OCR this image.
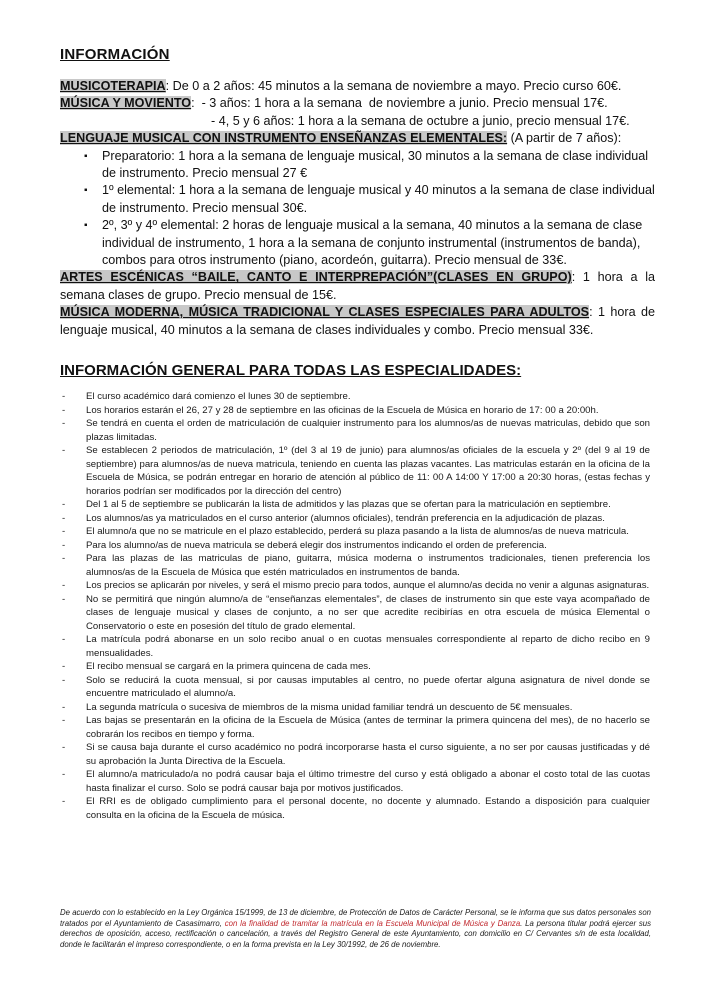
INFORMACIÓN

MUSICOTERAPIA: De 0 a 2 años: 45 minutos a la semana de noviembre a mayo. Precio curso 60€.

MÚSICA Y MOVIENTO:  - 3 años: 1 hora a la semana  de noviembre a junio. Precio mensual 17€.

- 4, 5 y 6 años: 1 hora a la semana de octubre a junio, precio mensual 17€.

LENGUAJE MUSICAL CON INSTRUMENTO ENSEÑANZAS ELEMENTALES: (A partir de 7 años):

▪ Preparatorio: 1 hora a la semana de lenguaje musical, 30 minutos a la semana de clase individual de instrumento. Precio mensual 27 €
▪ 1º elemental: 1 hora a la semana de lenguaje musical y 40 minutos a la semana de clase individual de instrumento. Precio mensual 30€.
▪ 2º, 3º y 4º elemental: 2 horas de lenguaje musical a la semana, 40 minutos a la semana de clase individual de instrumento, 1 hora a la semana de conjunto instrumental (instrumentos de banda), combos para otros instrumento (piano, acordeón, guitarra). Precio mensual de 33€.

ARTES ESCÉNICAS “BAILE, CANTO E INTERPREPACIÓN”(CLASES EN GRUPO): 1 hora a la semana clases de grupo. Precio mensual de 15€.

MÚSICA MODERNA, MÚSICA TRADICIONAL Y CLASES ESPECIALES PARA ADULTOS: 1 hora de lenguaje musical, 40 minutos a la semana de clases individuales y combo. Precio mensual 33€.

INFORMACIÓN GENERAL PARA TODAS LAS ESPECIALIDADES:
- El curso académico dará comienzo el lunes 30 de septiembre.
- Los horarios estarán el 26, 27 y 28 de septiembre en las oficinas de la Escuela de Música en horario de 17: 00 a 20:00h.
- Se tendrá en cuenta el orden de matriculación de cualquier instrumento para los alumnos/as de nuevas matriculas, debido que son plazas limitadas.
- Se establecen 2 periodos de matriculación, 1º (del 3 al 19 de junio) para alumnos/as oficiales de la escuela y 2º (del 9 al 19 de septiembre) para alumnos/as de nueva matricula, teniendo en cuenta las plazas vacantes. Las matriculas estarán en la oficina de la Escuela de Música, se podrán entregar en horario de atención al público de 11: 00 A 14:00 Y 17:00 a 20:30 horas, (estas fechas y horarios podrían ser modificados por la dirección del centro)
- Del 1 al 5 de septiembre se publicarán la lista de admitidos y las plazas que se ofertan para la matriculación en septiembre.
- Los alumnos/as ya matriculados en el curso anterior (alumnos oficiales), tendrán preferencia en la adjudicación de plazas.
- El alumno/a que no se matricule en el plazo establecido, perderá su plaza pasando a la lista de alumnos/as de nueva matricula.
- Para los alumno/as de nueva matricula se deberá elegir dos instrumentos indicando el orden de preferencia.
- Para las plazas de las matriculas de piano, guitarra, música moderna o instrumentos tradicionales, tienen preferencia los alumnos/as de la Escuela de Música que estén matriculados en instrumentos de banda.
- Los precios se aplicarán por niveles, y será el mismo precio para todos, aunque el alumno/as decida no venir a algunas asignaturas.
- No se permitirá que ningún alumno/a de “enseñanzas elementales”, de clases de instrumento sin que este vaya acompañado de clases de lenguaje musical y clases de conjunto, a no ser que acredite recibirías en otra escuela de música Elemental o Conservatorio o este en posesión del título de grado elemental.
- La matrícula podrá abonarse en un solo recibo anual o en cuotas mensuales correspondiente al reparto de dicho recibo en 9 mensualidades.
- El recibo mensual se cargará en la primera quincena de cada mes.
- Solo se reducirá la cuota mensual, si por causas imputables al centro, no puede ofertar alguna asignatura de nivel donde se encuentre matriculado el alumno/a.
- La segunda matrícula o sucesiva de miembros de la misma unidad familiar tendrá un descuento de 5€ mensuales.
- Las bajas se presentarán en la oficina de la Escuela de Música (antes de terminar la primera quincena del mes), de no hacerlo se cobrarán los recibos en tiempo y forma.
- Si se causa baja durante el curso académico no podrá incorporarse hasta el curso siguiente, a no ser por causas justificadas y dé su aprobación la Junta Directiva de la Escuela.
- El alumno/a matriculado/a no podrá causar baja el último trimestre del curso y está obligado a abonar el costo total de las cuotas hasta finalizar el curso. Solo se podrá causar baja por motivos justificados.
- El RRI es de obligado cumplimiento para el personal docente, no docente y alumnado. Estando a disposición para cualquier consulta en la oficina de la Escuela de música.
De acuerdo con lo establecido en la Ley Orgánica 15/1999, de 13 de diciembre, de Protección de Datos de Carácter Personal, se le informa que sus datos personales son tratados por el Ayuntamiento de Casasimarro, con la finalidad de tramitar la matrícula en la Escuela Municipal de Música y Danza. La persona titular podrá ejercer sus derechos de oposición, acceso, rectificación o cancelación, a través del Registro General de este Ayuntamiento, con domicilio en C/ Cervantes s/n de esta localidad, donde le facilitarán el impreso correspondiente, o en la forma prevista en la Ley 30/1992, de 26 de noviembre.
